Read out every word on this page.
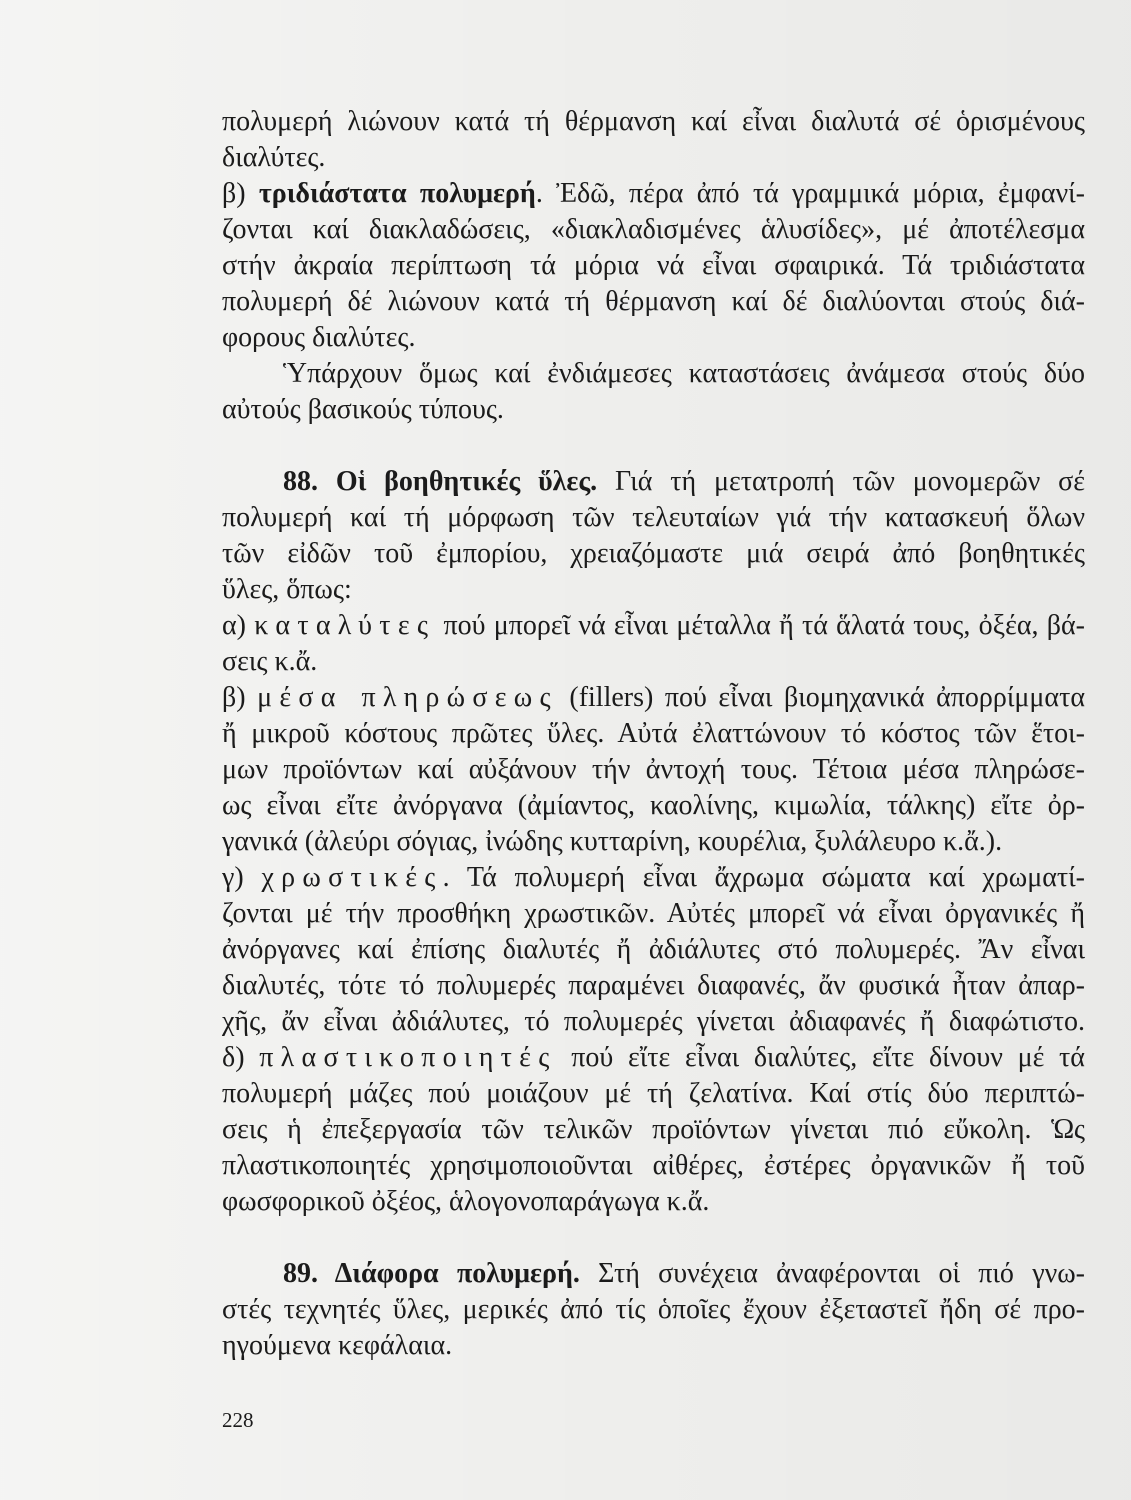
πολυμερή λιώνουν κατά τή θέρμανση καί εἶναι διαλυτά σέ ὁρισμένους
διαλύτες.
β) τριδιάστατα πολυμερή. Ἐδῶ, πέρα ἀπό τά γραμμικά μόρια, ἐμφανί-
ζονται καί διακλαδώσεις, «διακλαδισμένες ἁλυσίδες», μέ ἀποτέλεσμα
στήν ἀκραία περίπτωση τά μόρια νά εἶναι σφαιρικά. Τά τριδιάστατα
πολυμερή δέ λιώνουν κατά τή θέρμανση καί δέ διαλύονται στούς διά-
φορους διαλύτες.
Ὑπάρχουν ὅμως καί ἐνδιάμεσες καταστάσεις ἀνάμεσα στούς δύο
αὐτούς βασικούς τύπους.
88. Οἱ βοηθητικές ὕλες. Γιά τή μετατροπή τῶν μονομερῶν σέ
πολυμερή καί τή μόρφωση τῶν τελευταίων γιά τήν κατασκευή ὅλων
τῶν εἰδῶν τοῦ ἐμπορίου, χρειαζόμαστε μιά σειρά ἀπό βοηθητικές
ὕλες, ὅπως:
α) καταλύτες πού μπορεῖ νά εἶναι μέταλλα ἤ τά ἅλατά τους, ὀξέα, βά-
σεις κ.ἄ.
β) μέσα πληρώσεως (fillers) πού εἶναι βιομηχανικά ἀπορρίμματα
ἤ μικροῦ κόστους πρῶτες ὕλες. Αὐτά ἐλαττώνουν τό κόστος τῶν ἕτοι-
μων προϊόντων καί αὐξάνουν τήν ἀντοχή τους. Τέτοια μέσα πληρώσε-
ως εἶναι εἴτε ἀνόργανα (ἀμίαντος, καολίνης, κιμωλία, τάλκης) εἴτε ὀρ-
γανικά (ἀλεύρι σόγιας, ἰνώδης κυτταρίνη, κουρέλια, ξυλάλευρο κ.ἄ.).
γ) χρωστικές. Τά πολυμερή εἶναι ἄχρωμα σώματα καί χρωματί-
ζονται μέ τήν προσθήκη χρωστικῶν. Αὐτές μπορεῖ νά εἶναι ὀργανικές ἤ
ἀνόργανες καί ἐπίσης διαλυτές ἤ ἀδιάλυτες στό πολυμερές. Ἄν εἶναι
διαλυτές, τότε τό πολυμερές παραμένει διαφανές, ἄν φυσικά ἦταν ἀπαρ-
χῆς, ἄν εἶναι ἀδιάλυτες, τό πολυμερές γίνεται ἀδιαφανές ἤ διαφώτιστο.
δ) πλαστικοποιητές πού εἴτε εἶναι διαλύτες, εἴτε δίνουν μέ τά
πολυμερή μάζες πού μοιάζουν μέ τή ζελατίνα. Καί στίς δύο περιπτώ-
σεις ἡ ἐπεξεργασία τῶν τελικῶν προϊόντων γίνεται πιό εὔκολη. Ὡς
πλαστικοποιητές χρησιμοποιοῦνται αἰθέρες, ἐστέρες ὀργανικῶν ἤ τοῦ
φωσφορικοῦ ὀξέος, ἁλογονοπαράγωγα κ.ἄ.
89. Διάφορα πολυμερή. Στή συνέχεια ἀναφέρονται οἱ πιό γνω-
στές τεχνητές ὕλες, μερικές ἀπό τίς ὁποῖες ἔχουν ἐξεταστεῖ ἤδη σέ προ-
ηγούμενα κεφάλαια.
228
